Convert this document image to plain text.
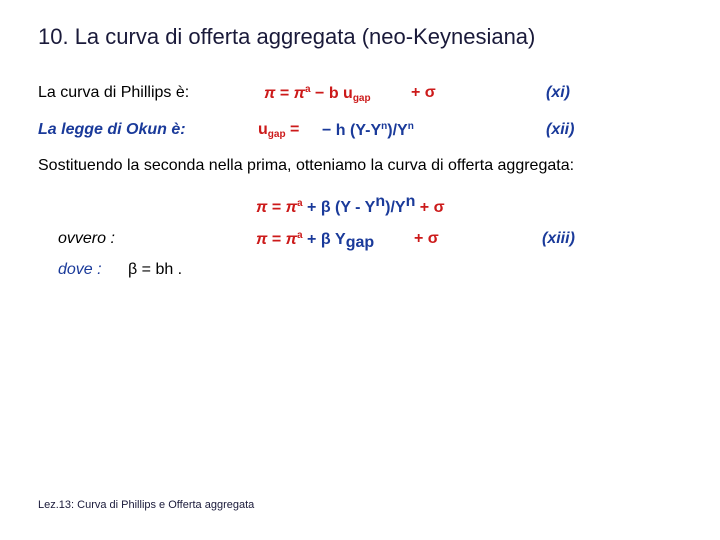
10. La curva di offerta aggregata (neo-Keynesiana)
La curva di Phillips è:	$\pi = \pi^a - b$ $u_{gap}$	+ σ	(xi)
La legge di Okun è:	$u_{gap}$ = − h $(Y-Y^n)/Y^n$	(xii)
Sostituendo la seconda nella prima, otteniamo la curva di offerta aggregata:
$\pi = \pi^a + \beta$ $(Y - Y^n)/Y^n + \sigma$
ovvero :	$\pi = \pi^a + \beta$ $Y_{gap} + \sigma$	(xiii)
dove : β = bh .
Lez.13: Curva di Phillips e Offerta aggregata
